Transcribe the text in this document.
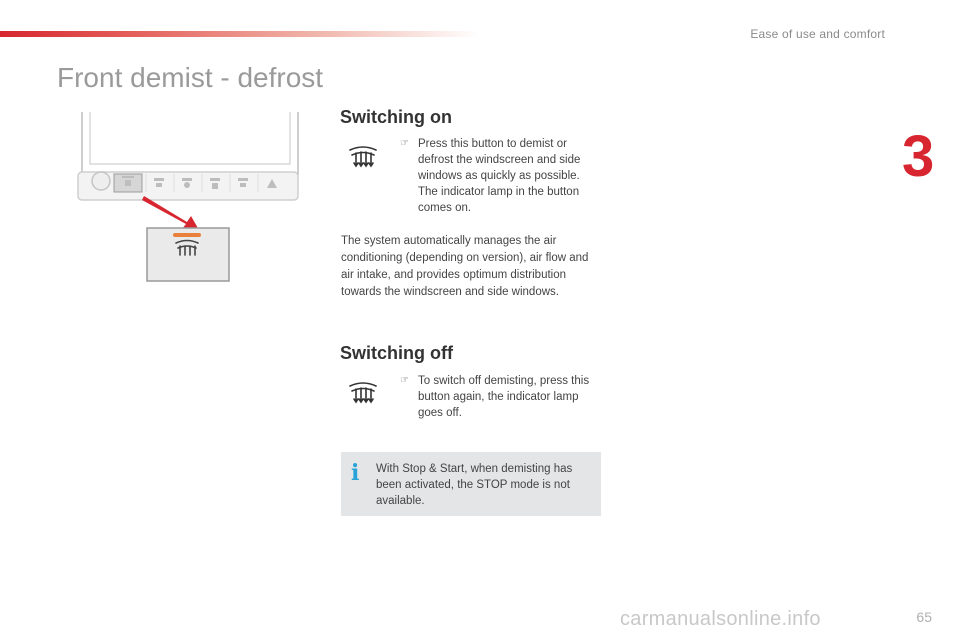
Ease of use and comfort
3
Front demist - defrost
Switching on
☞ Press this button to demist or defrost the windscreen and side windows as quickly as possible. The indicator lamp in the button comes on.

The system automatically manages the air conditioning (depending on version), air flow and air intake, and provides optimum distribution towards the windscreen and side windows.

Switching off
☞ To switch off demisting, press this button again, the indicator lamp goes off.
i With Stop & Start, when demisting has been activated, the STOP mode is not available.
carmanualsonline.info	65
